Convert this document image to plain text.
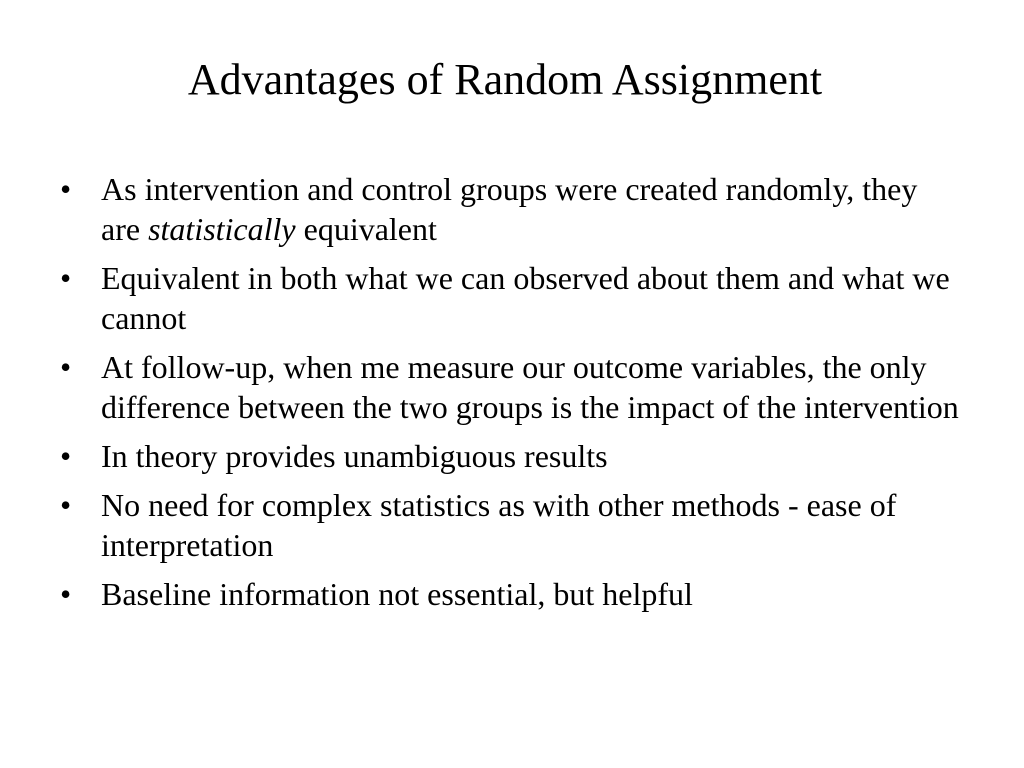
Advantages of Random Assignment
• As intervention and control groups were created randomly, they are statistically equivalent
• Equivalent in both what we can observed about them and what we cannot
• At follow-up, when me measure our outcome variables, the only difference between the two groups is the impact of the intervention
• In theory provides unambiguous results
• No need for complex statistics as with other methods - ease of interpretation
• Baseline information not essential, but helpful
